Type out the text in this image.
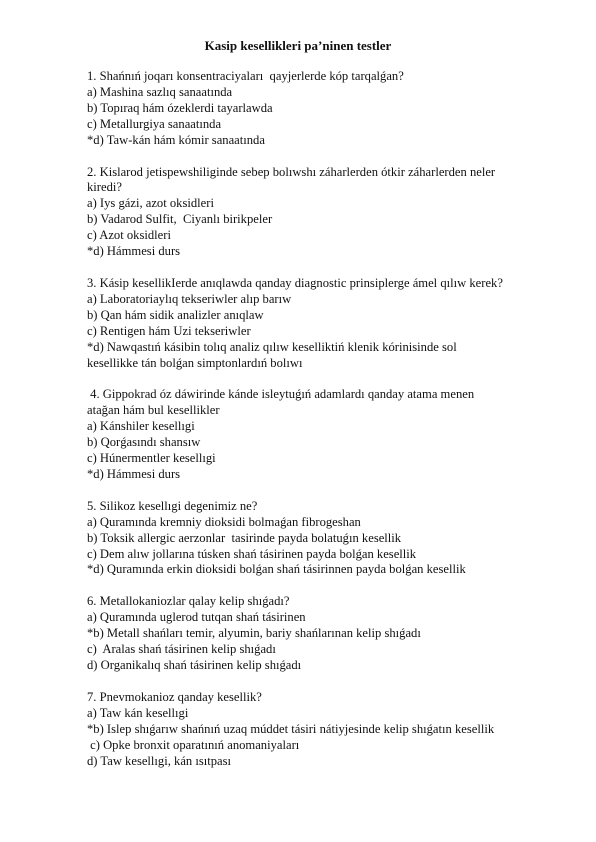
Kasip kesellikleri pa’ninen testler
1. Shańnıń joqarı konsentraciyaları  qayjerlerde kóp tarqalǵan?
a) Mashina sazlıq sanaatında
b) Topıraq hám ózeklerdi tayarlawda
c) Metallurgiya sanaatında
*d) Taw-kán hám kómir sanaatında
2. Kislarod jetispewshiliginde sebep bolıwshı záharlerden ótkir záharlerden neler
kiredi?
a) Iys gázi, azot oksidleri
b) Vadarod Sulfit,  Ciyanlı birikpeler
c) Azot oksidleri
*d) Hámmesi durs
3. Kásip kesellikIerde anıqlawda qanday diagnostic prinsiplerge ámel qılıw kerek?
a) Laboratoriaylıq tekseriwler alıp barıw
b) Qan hám sidik analizler anıqlaw
c) Rentigen hám Uzi tekseriwler
*d) Nawqastıń kásibin tolıq analiz qılıw keselliktiń klenik kórinisinde sol
kesellikke tán bolǵan simptonlardıń bolıwı
4. Gippokrad óz dáwirinde kánde isleytuǵıń adamlardı qanday atama menen
atağan hám bul kesellikler
a) Kánshiler kesellıgi
b) Qorǵasındı shansıw
c) Húnermentler kesellıgi
*d) Hámmesi durs
5. Silikoz kesellıgi degenimiz ne?
a) Quramında kremniy dioksidi bolmaǵan fibrogeshan
b) Toksik allergic aerzonlar  tasirinde payda bolatuǵın kesellik
c) Dem alıw jollarına túsken shań tásirinen payda bolǵan kesellik
*d) Quramında erkin dioksidi bolǵan shań tásirinnen payda bolǵan kesellik
6. Metallokaniozlar qalay kelip shıǵadı?
a) Quramında uglerod tutqan shań tásirinen
*b) Metall shańları temir, alyumin, bariy shańlarınan kelip shıǵadı
c)  Aralas shań tásirinen kelip shıǵadı
d) Organikalıq shań tásirinen kelip shıǵadı
7. Pnevmokanioz qanday kesellik?
a) Taw kán kesellıgi
*b) Islep shıǵarıw shańnıń uzaq múddet tásiri nátiyjesinde kelip shıǵatın kesellik
c) Opke bronxit oparatınıń anomaniyaları
d) Taw kesellıgi, kán ısıtpası
